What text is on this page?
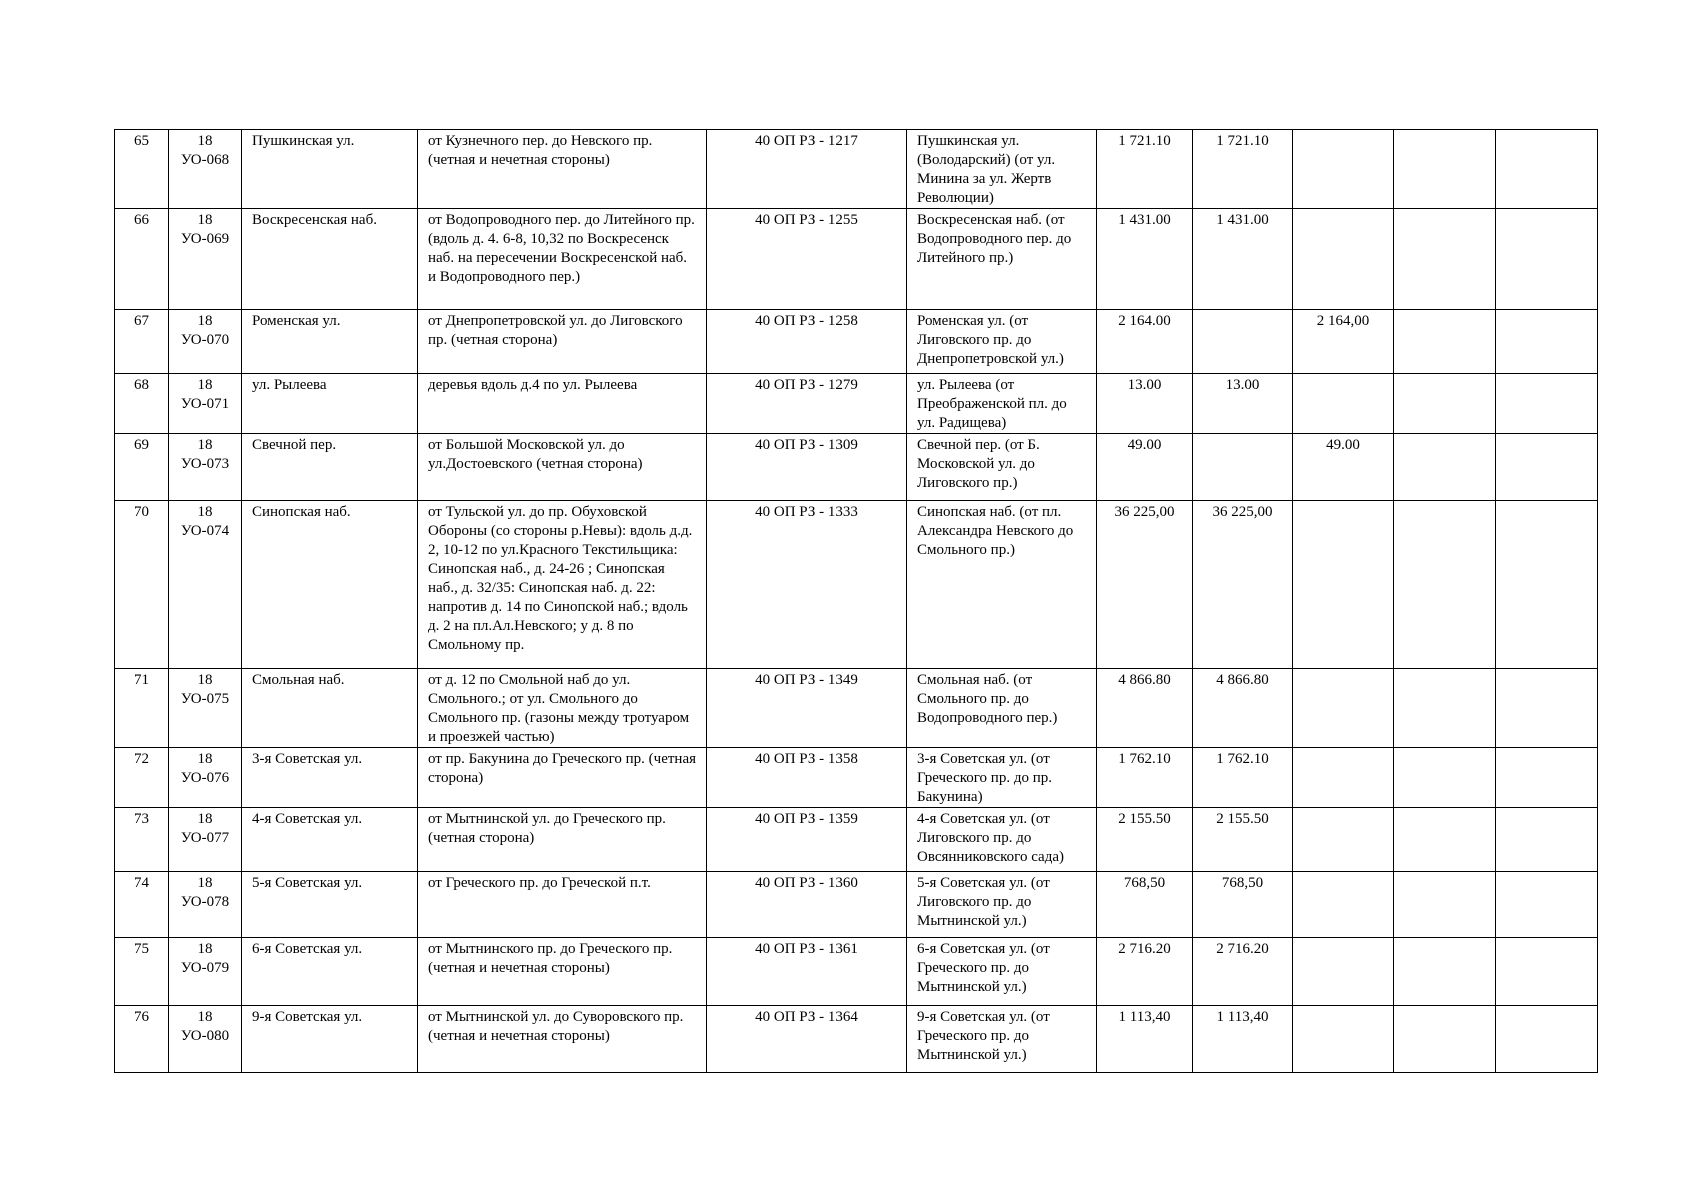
65	18 УО-068	Пушкинская ул.	от Кузнечного пер. до Невского пр. (четная и нечетная стороны)	40 ОП РЗ - 1217	Пушкинская ул. (Володарский) (от ул. Минина за ул. Жертв Революции)	1 721.10	1 721.10			
66	18 УО-069	Воскресенская наб.	от Водопроводного пер. до Литейного пр. (вдоль д. 4. 6-8, 10,32 по Воскресенск наб. на пересечении Воскресенской наб. и Водопроводного пер.)	40 ОП РЗ - 1255	Воскресенская наб. (от Водопроводного пер. до Литейного пр.)	1 431.00	1 431.00			
67	18 УО-070	Роменская ул.	от Днепропетровской ул. до Лиговского пр. (четная сторона)	40 ОП РЗ - 1258	Роменская ул. (от Лиговского пр. до Днепропетровской ул.)	2 164.00		2 164,00		
68	18 УО-071	ул. Рылеева	деревья вдоль д.4 по ул. Рылеева	40 ОП РЗ - 1279	ул. Рылеева (от Преображенской пл. до ул. Радищева)	13.00	13.00			
69	18 УО-073	Свечной пер.	от Большой Московской ул. до ул.Достоевского (четная сторона)	40 ОП РЗ - 1309	Свечной пер. (от Б. Московской ул. до Лиговского пр.)	49.00		49.00		
70	18 УО-074	Синопская наб.	от Тульской ул. до пр. Обуховской Обороны (со стороны р.Невы): вдоль д.д. 2, 10-12 по ул.Красного Текстильщика: Синопская наб., д. 24-26 ; Синопская наб., д. 32/35: Синопская наб. д. 22: напротив д. 14 по Синопской наб.; вдоль д. 2 на пл.Ал.Невского; у д. 8 по Смольному пр.	40 ОП РЗ - 1333	Синопская наб. (от пл. Александра Невского до Смольного пр.)	36 225,00	36 225,00			
71	18 УО-075	Смольная наб.	от д. 12 по Смольной наб до ул. Смольного.; от ул. Смольного до Смольного пр. (газоны между тротуаром и проезжей частью)	40 ОП РЗ - 1349	Смольная наб. (от Смольного пр. до Водопроводного пер.)	4 866.80	4 866.80			
72	18 УО-076	3-я Советская ул.	от пр. Бакунина до Греческого пр. (четная сторона)	40 ОП РЗ - 1358	3-я Советская ул. (от Греческого пр. до пр. Бакунина)	1 762.10	1 762.10			
73	18 УО-077	4-я Советская ул.	от Мытнинской ул. до Греческого пр. (четная сторона)	40 ОП РЗ - 1359	4-я Советская ул. (от Лиговского пр. до Овсянниковского сада)	2 155.50	2 155.50			
74	18 УО-078	5-я Советская ул.	от Греческого пр. до Греческой п.т.	40 ОП РЗ - 1360	5-я Советская ул. (от Лиговского пр. до Мытнинской ул.)	768,50	768,50			
75	18 УО-079	6-я Советская ул.	от Мытнинского пр. до Греческого пр. (четная и нечетная стороны)	40 ОП РЗ - 1361	6-я Советская ул. (от Греческого пр. до Мытнинской ул.)	2 716.20	2 716.20			
76	18 УО-080	9-я Советская ул.	от Мытнинской ул. до Суворовского пр. (четная и нечетная стороны)	40 ОП РЗ - 1364	9-я Советская ул. (от Греческого пр. до Мытнинской ул.)	1 113,40	1 113,40			
